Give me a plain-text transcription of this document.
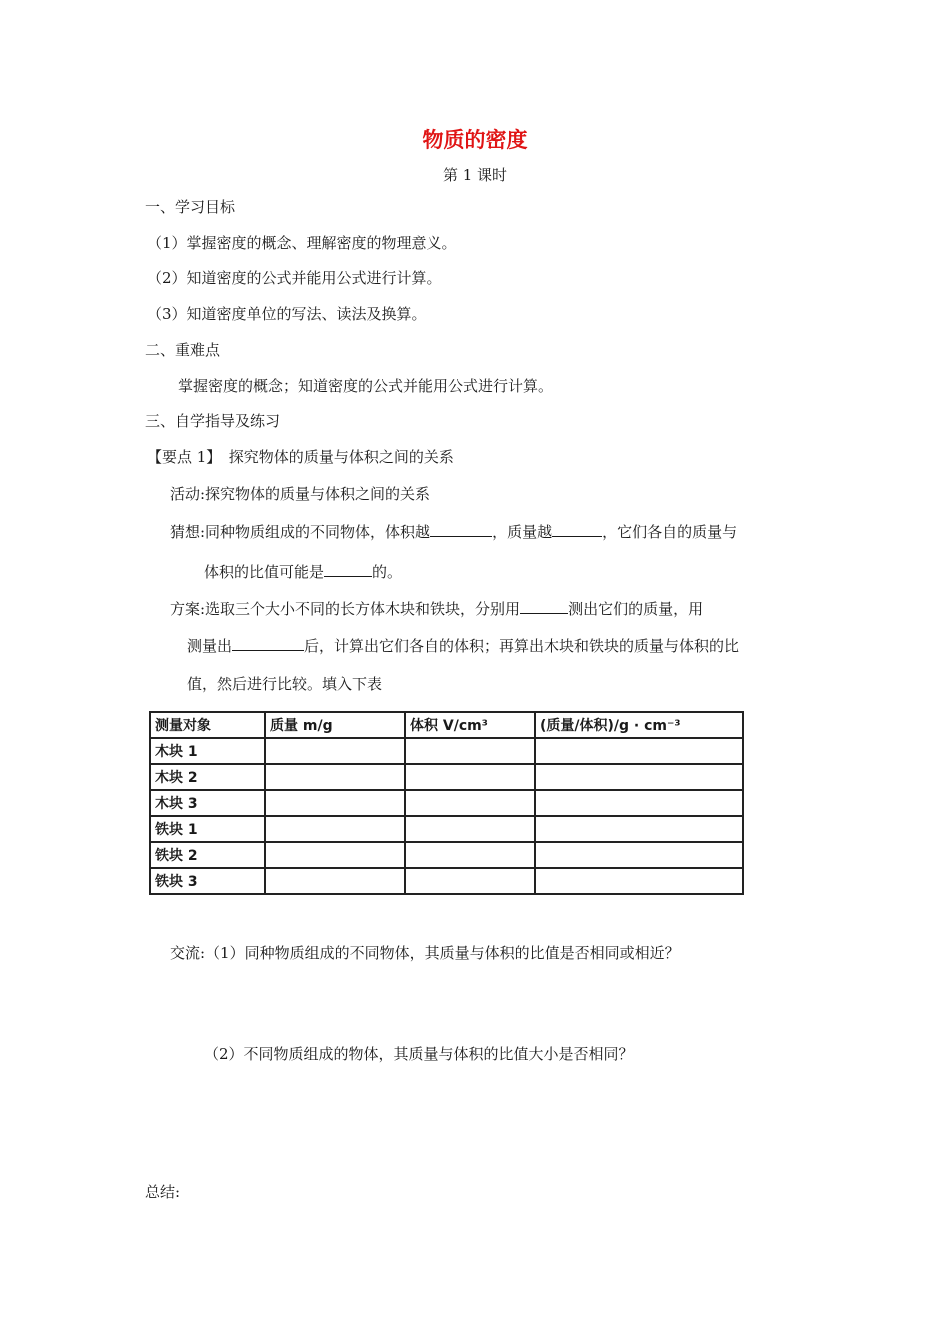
物质的密度
第 1 课时
一、学习目标
（1）掌握密度的概念、理解密度的物理意义。
（2）知道密度的公式并能用公式进行计算。
（3）知道密度单位的写法、读法及换算。
二、重难点
掌握密度的概念；知道密度的公式并能用公式进行计算。
三、自学指导及练习
【要点 1】　探究物体的质量与体积之间的关系
活动:探究物体的质量与体积之间的关系
猜想:同种物质组成的不同物体，体积越	，质量越	，它们各自的质量与
体积的比值可能是	的。
方案:选取三个大小不同的长方体木块和铁块，分别用	测出它们的质量，用
测量出	后，计算出它们各自的体积；再算出木块和铁块的质量与体积的比
值，然后进行比较。填入下表
测量对象	质量 m/g	体积 V/cm³	(质量/体积)/g · cm⁻³
木块 1			
木块 2			
木块 3			
铁块 1			
铁块 2			
铁块 3			
交流:（1）同种物质组成的不同物体，其质量与体积的比值是否相同或相近？
（2）不同物质组成的物体，其质量与体积的比值大小是否相同？
总结:
